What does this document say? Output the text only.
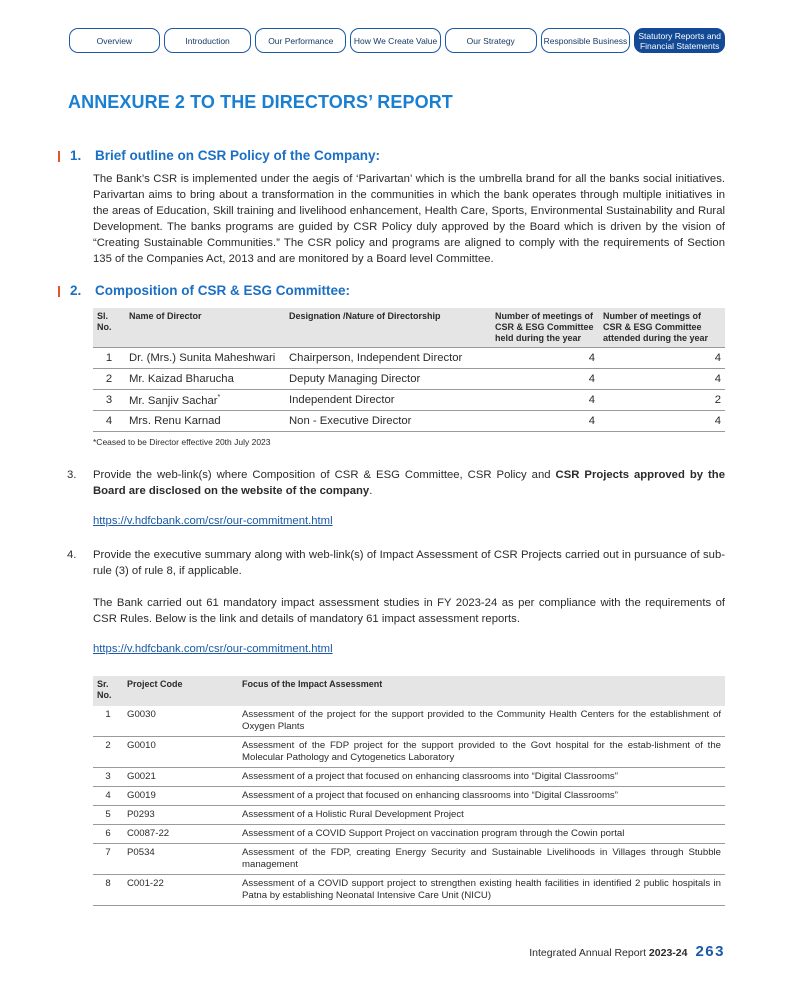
Overview	Introduction	Our Performance	How We Create Value	Our Strategy	Responsible Business	Statutory Reports and Financial Statements
ANNEXURE 2 TO THE DIRECTORS’ REPORT
1.	Brief outline on CSR Policy of the Company:
The Bank’s CSR is implemented under the aegis of ‘Parivartan’ which is the umbrella brand for all the banks social initiatives. Parivartan aims to bring about a transformation in the communities in which the bank operates through multiple initiatives in the areas of Education, Skill training and livelihood enhancement, Health Care, Sports, Environmental Sustainability and Rural Development. The banks programs are guided by CSR Policy duly approved by the Board which is driven by the vision of “Creating Sustainable Communities.” The CSR policy and programs are aligned to comply with the requirements of Section 135 of the Companies Act, 2013 and are monitored by a Board level Committee.
2.	Composition of CSR & ESG Committee:
Sl. No.	Name of Director	Designation /Nature of Directorship	Number of meetings of CSR & ESG Committee held during the year	Number of meetings of CSR & ESG Committee attended during the year
1	Dr. (Mrs.) Sunita Maheshwari	Chairperson, Independent Director	4	4
2	Mr. Kaizad Bharucha	Deputy Managing Director	4	4
3	Mr. Sanjiv Sachar*	Independent Director	4	2
4	Mrs. Renu Karnad	Non - Executive Director	4	4
*Ceased to be Director effective 20th July 2023
3.	Provide the web-link(s) where Composition of CSR & ESG Committee, CSR Policy and CSR Projects approved by the Board are disclosed on the website of the company.
https://v.hdfcbank.com/csr/our-commitment.html
4.	Provide the executive summary along with web-link(s) of Impact Assessment of CSR Projects carried out in pursuance of sub-rule (3) of rule 8, if applicable.
The Bank carried out 61 mandatory impact assessment studies in FY 2023-24 as per compliance with the requirements of CSR Rules. Below is the link and details of mandatory 61 impact assessment reports.
https://v.hdfcbank.com/csr/our-commitment.html
Sr. No.	Project Code	Focus of the Impact Assessment
1	G0030	Assessment of the project for the support provided to the Community Health Centers for the establishment of Oxygen Plants
2	G0010	Assessment of the FDP project for the support provided to the Govt hospital for the estab-lishment of the Molecular Pathology and Cytogenetics Laboratory
3	G0021	Assessment of a project that focused on enhancing classrooms into “Digital Classrooms”
4	G0019	Assessment of a project that focused on enhancing classrooms into “Digital Classrooms”
5	P0293	Assessment of a Holistic Rural Development Project
6	C0087-22	Assessment of a COVID Support Project on vaccination program through the Cowin portal
7	P0534	Assessment of the FDP, creating Energy Security and Sustainable Livelihoods in Villages through Stubble management
8	C001-22	Assessment of a COVID support project to strengthen existing health facilities in identified 2 public hospitals in Patna by establishing Neonatal Intensive Care Unit (NICU)
Integrated Annual Report 2023-24 263
